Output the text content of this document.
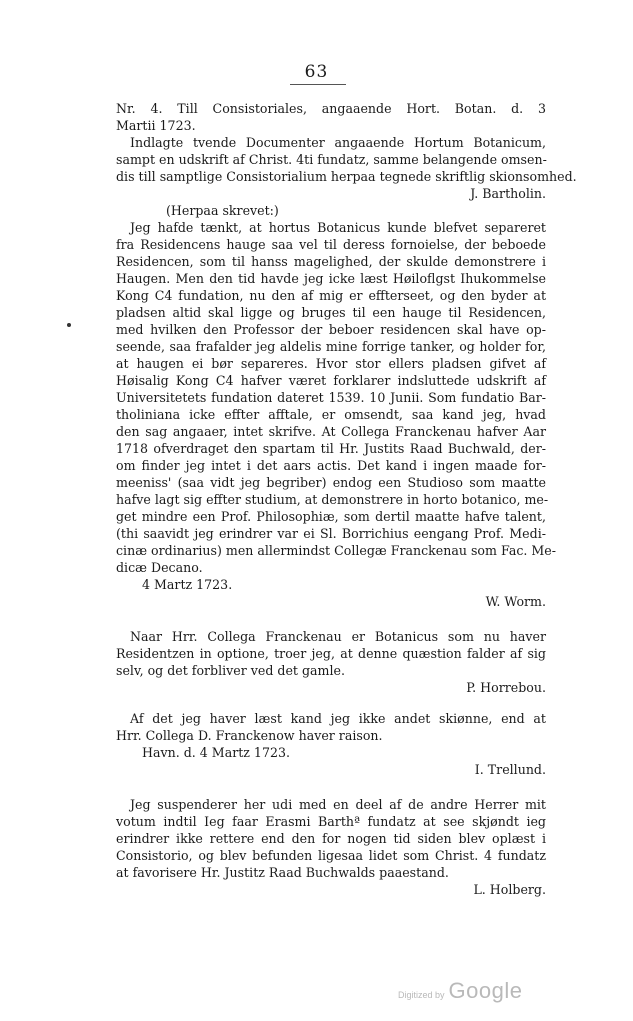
63
Nr. 4. Till Consistoriales, angaaende Hort. Botan. d. 3
Martii 1723.
Indlagte tvende Documenter angaaende Hortum Botanicum,
sampt en udskrift af Christ. 4ti fundatz, samme belangende omsen-
dis till samptlige Consistorialium herpaa tegnede skriftlig skionsomhed.
J. Bartholin.
(Herpaa skrevet:)
Jeg hafde tænkt, at hortus Botanicus kunde blefvet separeret
fra Residencens hauge saa vel til deress fornoielse, der beboede
Residencen, som til hanss magelighed, der skulde demonstrere i
Haugen. Men den tid havde jeg icke læst Høiloflgst Ihukommelse
Kong C4 fundation, nu den af mig er effterseet, og den byder at
pladsen altid skal ligge og bruges til een hauge til Residencen,
med hvilken den Professor der beboer residencen skal have op-
seende, saa frafalder jeg aldelis mine forrige tanker, og holder for,
at haugen ei bør separeres. Hvor stor ellers pladsen gifvet af
Høisalig Kong C4 hafver været forklarer indsluttede udskrift af
Universitetets fundation dateret 1539. 10 Junii. Som fundatio Bar-
tholiniana icke effter afftale, er omsendt, saa kand jeg, hvad
den sag angaaer, intet skrifve. At Collega Franckenau hafver Aar
1718 ofverdraget den spartam til Hr. Justits Raad Buchwald, der-
om finder jeg intet i det aars actis. Det kand i ingen maade for-
meeniss' (saa vidt jeg begriber) endog een Studioso som maatte
hafve lagt sig effter studium, at demonstrere in horto botanico, me-
get mindre een Prof. Philosophiæ, som dertil maatte hafve talent,
(thi saavidt jeg erindrer var ei Sl. Borrichius eengang Prof. Medi-
cinæ ordinarius) men allermindst Collegæ Franckenau som Fac. Me-
dicæ Decano.
4 Martz 1723.
W. Worm.
Naar Hrr. Collega Franckenau er Botanicus som nu haver
Residentzen in optione, troer jeg, at denne quæstion falder af sig
selv, og det forbliver ved det gamle.
P. Horrebou.
Af det jeg haver læst kand jeg ikke andet skiønne, end at
Hrr. Collega D. Franckenow haver raison.
Havn. d. 4 Martz 1723.
I. Trellund.
Jeg suspenderer her udi med en deel af de andre Herrer mit
votum indtil Ieg faar Erasmi Barthª fundatz at see skjøndt ieg
erindrer ikke rettere end den for nogen tid siden blev oplæst i
Consistorio, og blev befunden ligesaa lidet som Christ. 4 fundatz
at favorisere Hr. Justitz Raad Buchwalds paaestand.
L. Holberg.
Digitized by Google
